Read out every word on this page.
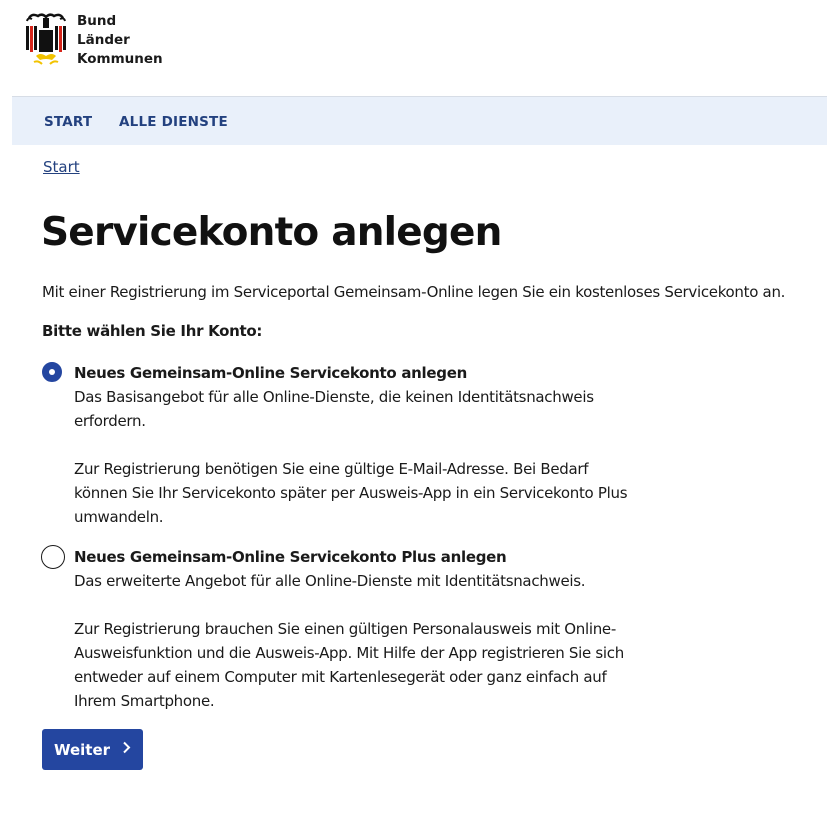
Bund
Länder
Kommunen
START ALLE DIENSTE
Start
Servicekonto anlegen
Mit einer Registrierung im Serviceportal Gemeinsam-Online legen Sie ein kostenloses Servicekonto an.
Bitte wählen Sie Ihr Konto:
Neues Gemeinsam-Online Servicekonto anlegen

Das Basisangebot für alle Online-Dienste, die keinen Identitätsnachweis erfordern.

Zur Registrierung benötigen Sie eine gültige E-Mail-Adresse. Bei Bedarf können Sie Ihr Servicekonto später per Ausweis-App in ein Servicekonto Plus umwandeln.

Neues Gemeinsam-Online Servicekonto Plus anlegen

Das erweiterte Angebot für alle Online-Dienste mit Identitätsnachweis.

Zur Registrierung brauchen Sie einen gültigen Personalausweis mit Online-Ausweisfunktion und die Ausweis-App. Mit Hilfe der App registrieren Sie sich entweder auf einem Computer mit Kartenlesegerät oder ganz einfach auf Ihrem Smartphone.

Weiter
